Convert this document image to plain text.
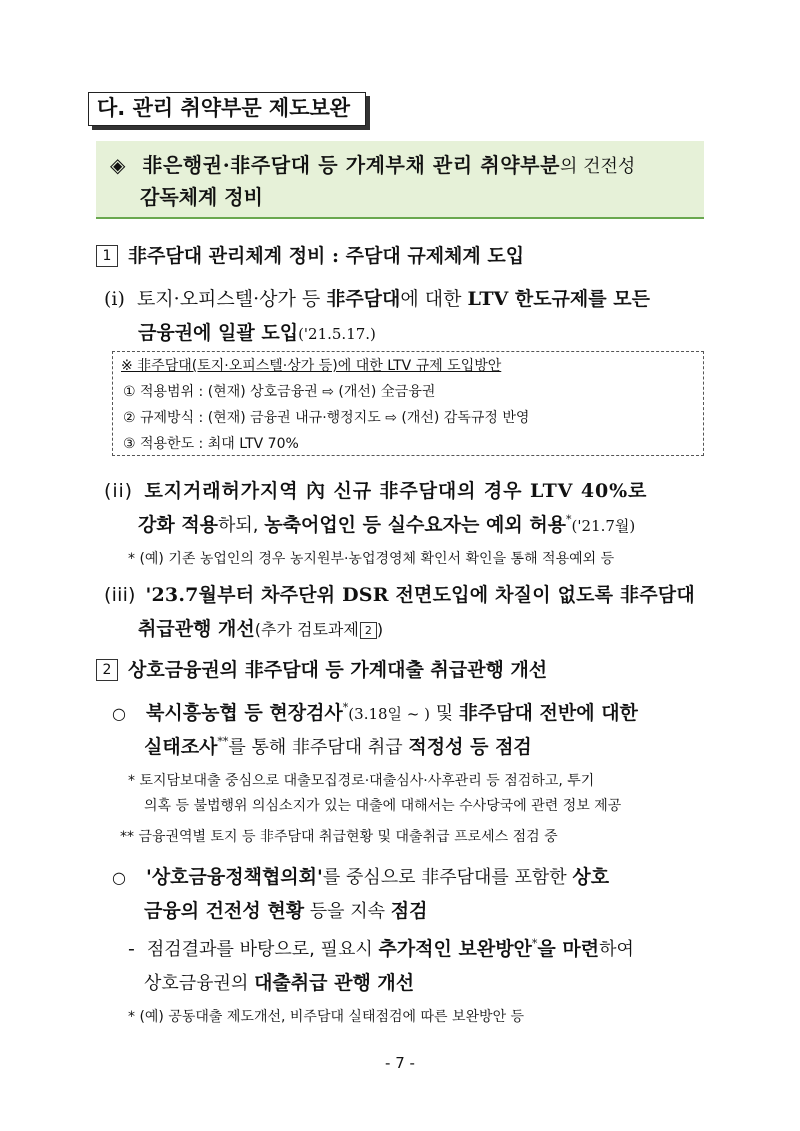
다. 관리 취약부문 제도보완
◈ 非은행권·非주담대 등 가계부채 관리 취약부분의 건전성
감독체계 정비
1 非주담대 관리체계 정비 : 주담대 규제체계 도입
(i) 토지·오피스텔·상가 등 非주담대에 대한 LTV 한도규제를 모든
금융권에 일괄 도입('21.5.17.)
※ 非주담대(토지·오피스텔·상가 등)에 대한 LTV 규제 도입방안
① 적용범위 : (현재) 상호금융권 ⇨ (개선) 全금융권
② 규제방식 : (현재) 금융권 내규·행정지도 ⇨ (개선) 감독규정 반영
③ 적용한도 : 최대 LTV 70%
(ii) 토지거래허가지역 內 신규 非주담대의 경우 LTV 40%로
강화 적용하되, 농축어업인 등 실수요자는 예외 허용*('21.7월)
* (예) 기존 농업인의 경우 농지원부·농업경영체 확인서 확인을 통해 적용예외 등
(iii) '23.7월부터 차주단위 DSR 전면도입에 차질이 없도록 非주담대
취급관행 개선(추가 검토과제 2 )
2 상호금융권의 非주담대 등 가계대출 취급관행 개선
○ 북시흥농협 등 현장검사*(3.18일 ~ ) 및 非주담대 전반에 대한
실태조사**를 통해 非주담대 취급 적정성 등 점검
* 토지담보대출 중심으로 대출모집경로·대출심사·사후관리 등 점검하고, 투기
의혹 등 불법행위 의심소지가 있는 대출에 대해서는 수사당국에 관련 정보 제공
** 금융권역별 토지 등 非주담대 취급현황 및 대출취급 프로세스 점검 중
○ '상호금융정책협의회'를 중심으로 非주담대를 포함한 상호
금융의 건전성 현황 등을 지속 점검
- 점검결과를 바탕으로, 필요시 추가적인 보완방안*을 마련하여
상호금융권의 대출취급 관행 개선
* (예) 공동대출 제도개선, 비주담대 실태점검에 따른 보완방안 등
- 7 -
